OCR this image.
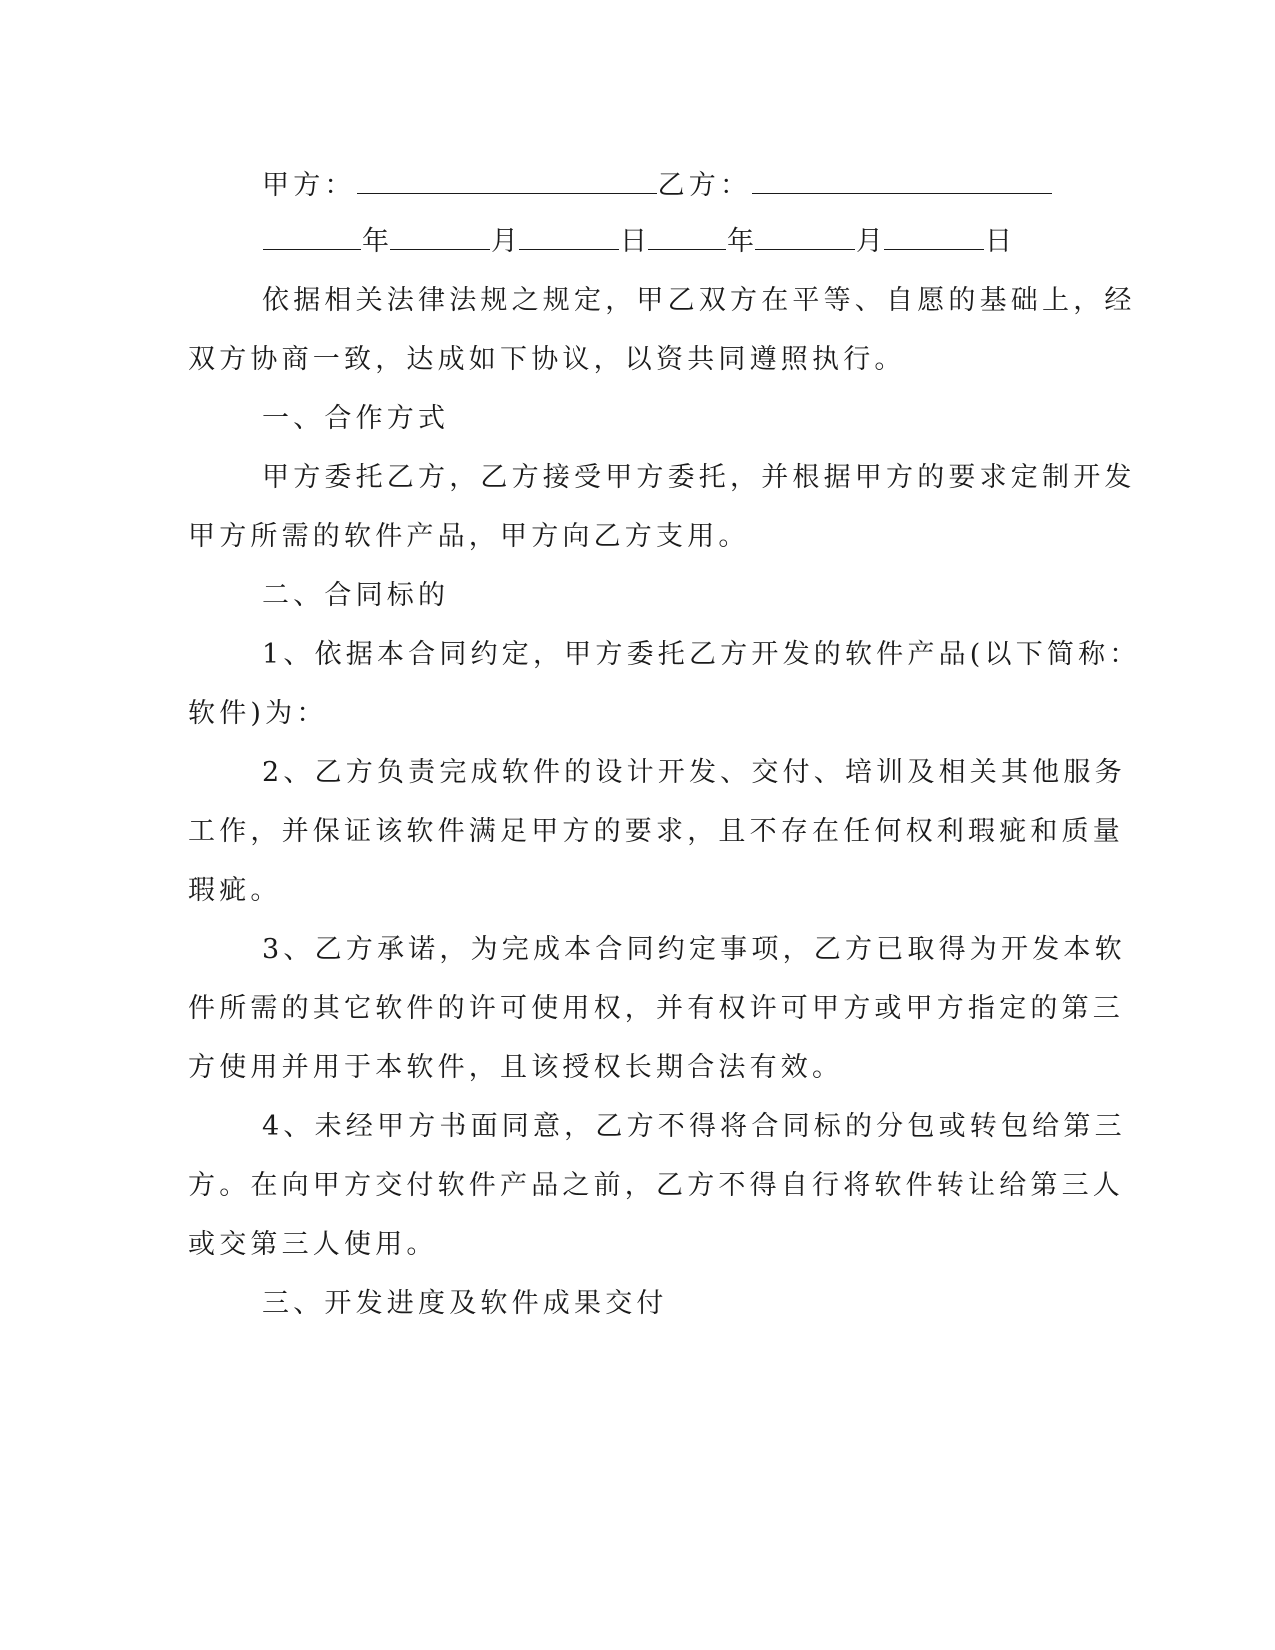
甲方：	乙方：
年	月	日	年	月	日
依据相关法律法规之规定，甲乙双方在平等、自愿的基础上，经
双方协商一致，达成如下协议，以资共同遵照执行。
一、合作方式
甲方委托乙方，乙方接受甲方委托，并根据甲方的要求定制开发
甲方所需的软件产品，甲方向乙方支用。
二、合同标的
1、依据本合同约定，甲方委托乙方开发的软件产品(以下简称：
软件)为：
2、乙方负责完成软件的设计开发、交付、培训及相关其他服务
工作，并保证该软件满足甲方的要求，且不存在任何权利瑕疵和质量
瑕疵。
3、乙方承诺，为完成本合同约定事项，乙方已取得为开发本软
件所需的其它软件的许可使用权，并有权许可甲方或甲方指定的第三
方使用并用于本软件，且该授权长期合法有效。
4、未经甲方书面同意，乙方不得将合同标的分包或转包给第三
方。在向甲方交付软件产品之前，乙方不得自行将软件转让给第三人
或交第三人使用。
三、开发进度及软件成果交付
